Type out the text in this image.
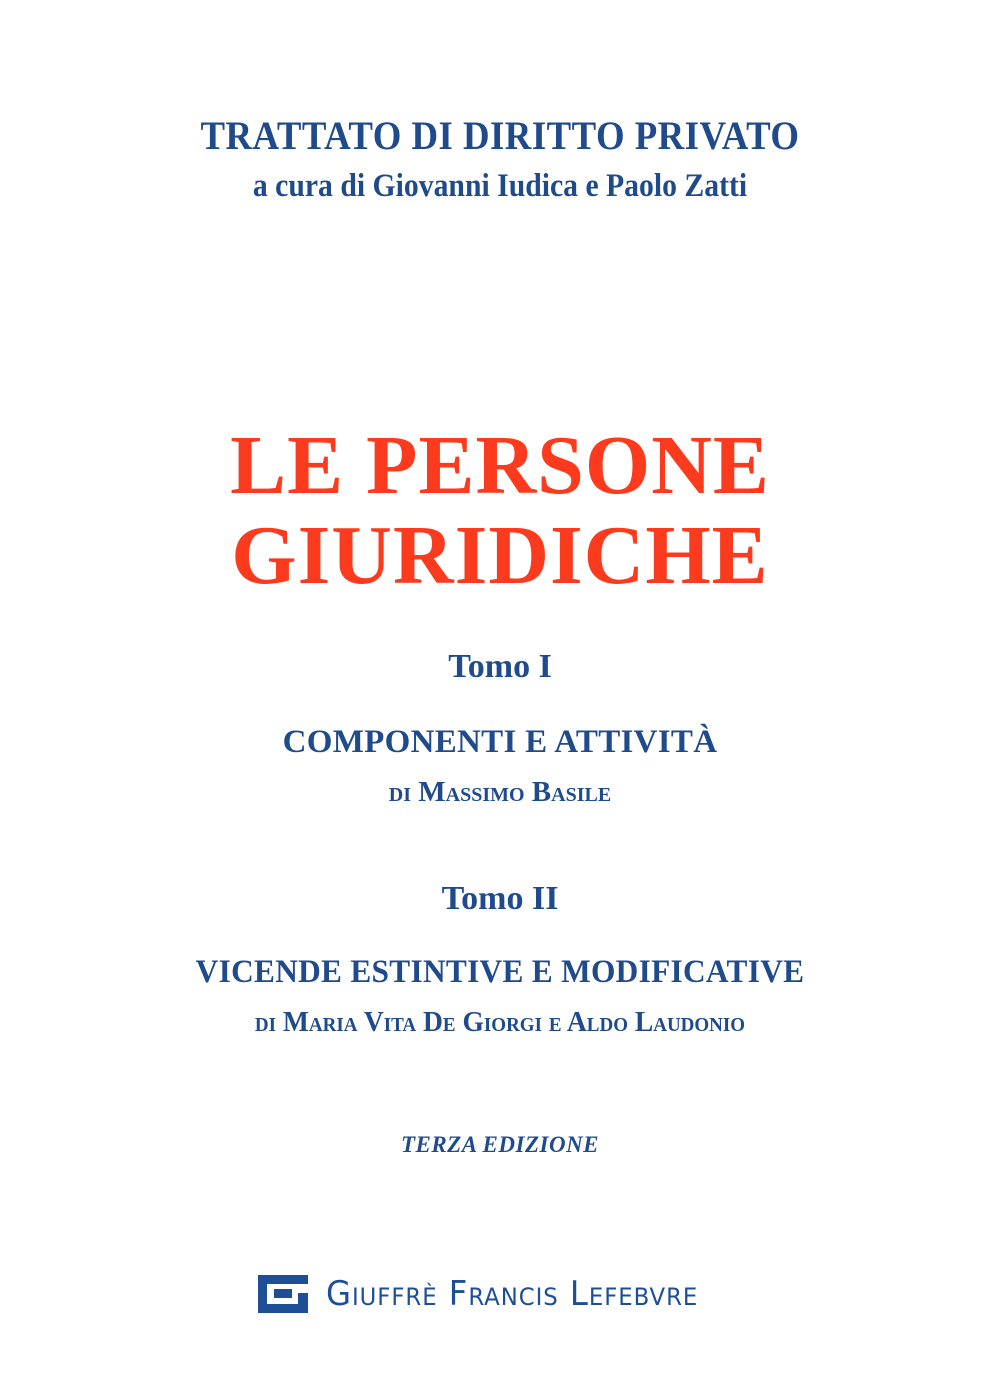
TRATTATO DI DIRITTO PRIVATO
a cura di Giovanni Iudica e Paolo Zatti
LE PERSONE
GIURIDICHE
Tomo I
COMPONENTI E ATTIVITÀ
di Massimo Basile
Tomo II
VICENDE ESTINTIVE E MODIFICATIVE
di Maria Vita De Giorgi e Aldo Laudonio
TERZA EDIZIONE
Giuffrè Francis Lefebvre
